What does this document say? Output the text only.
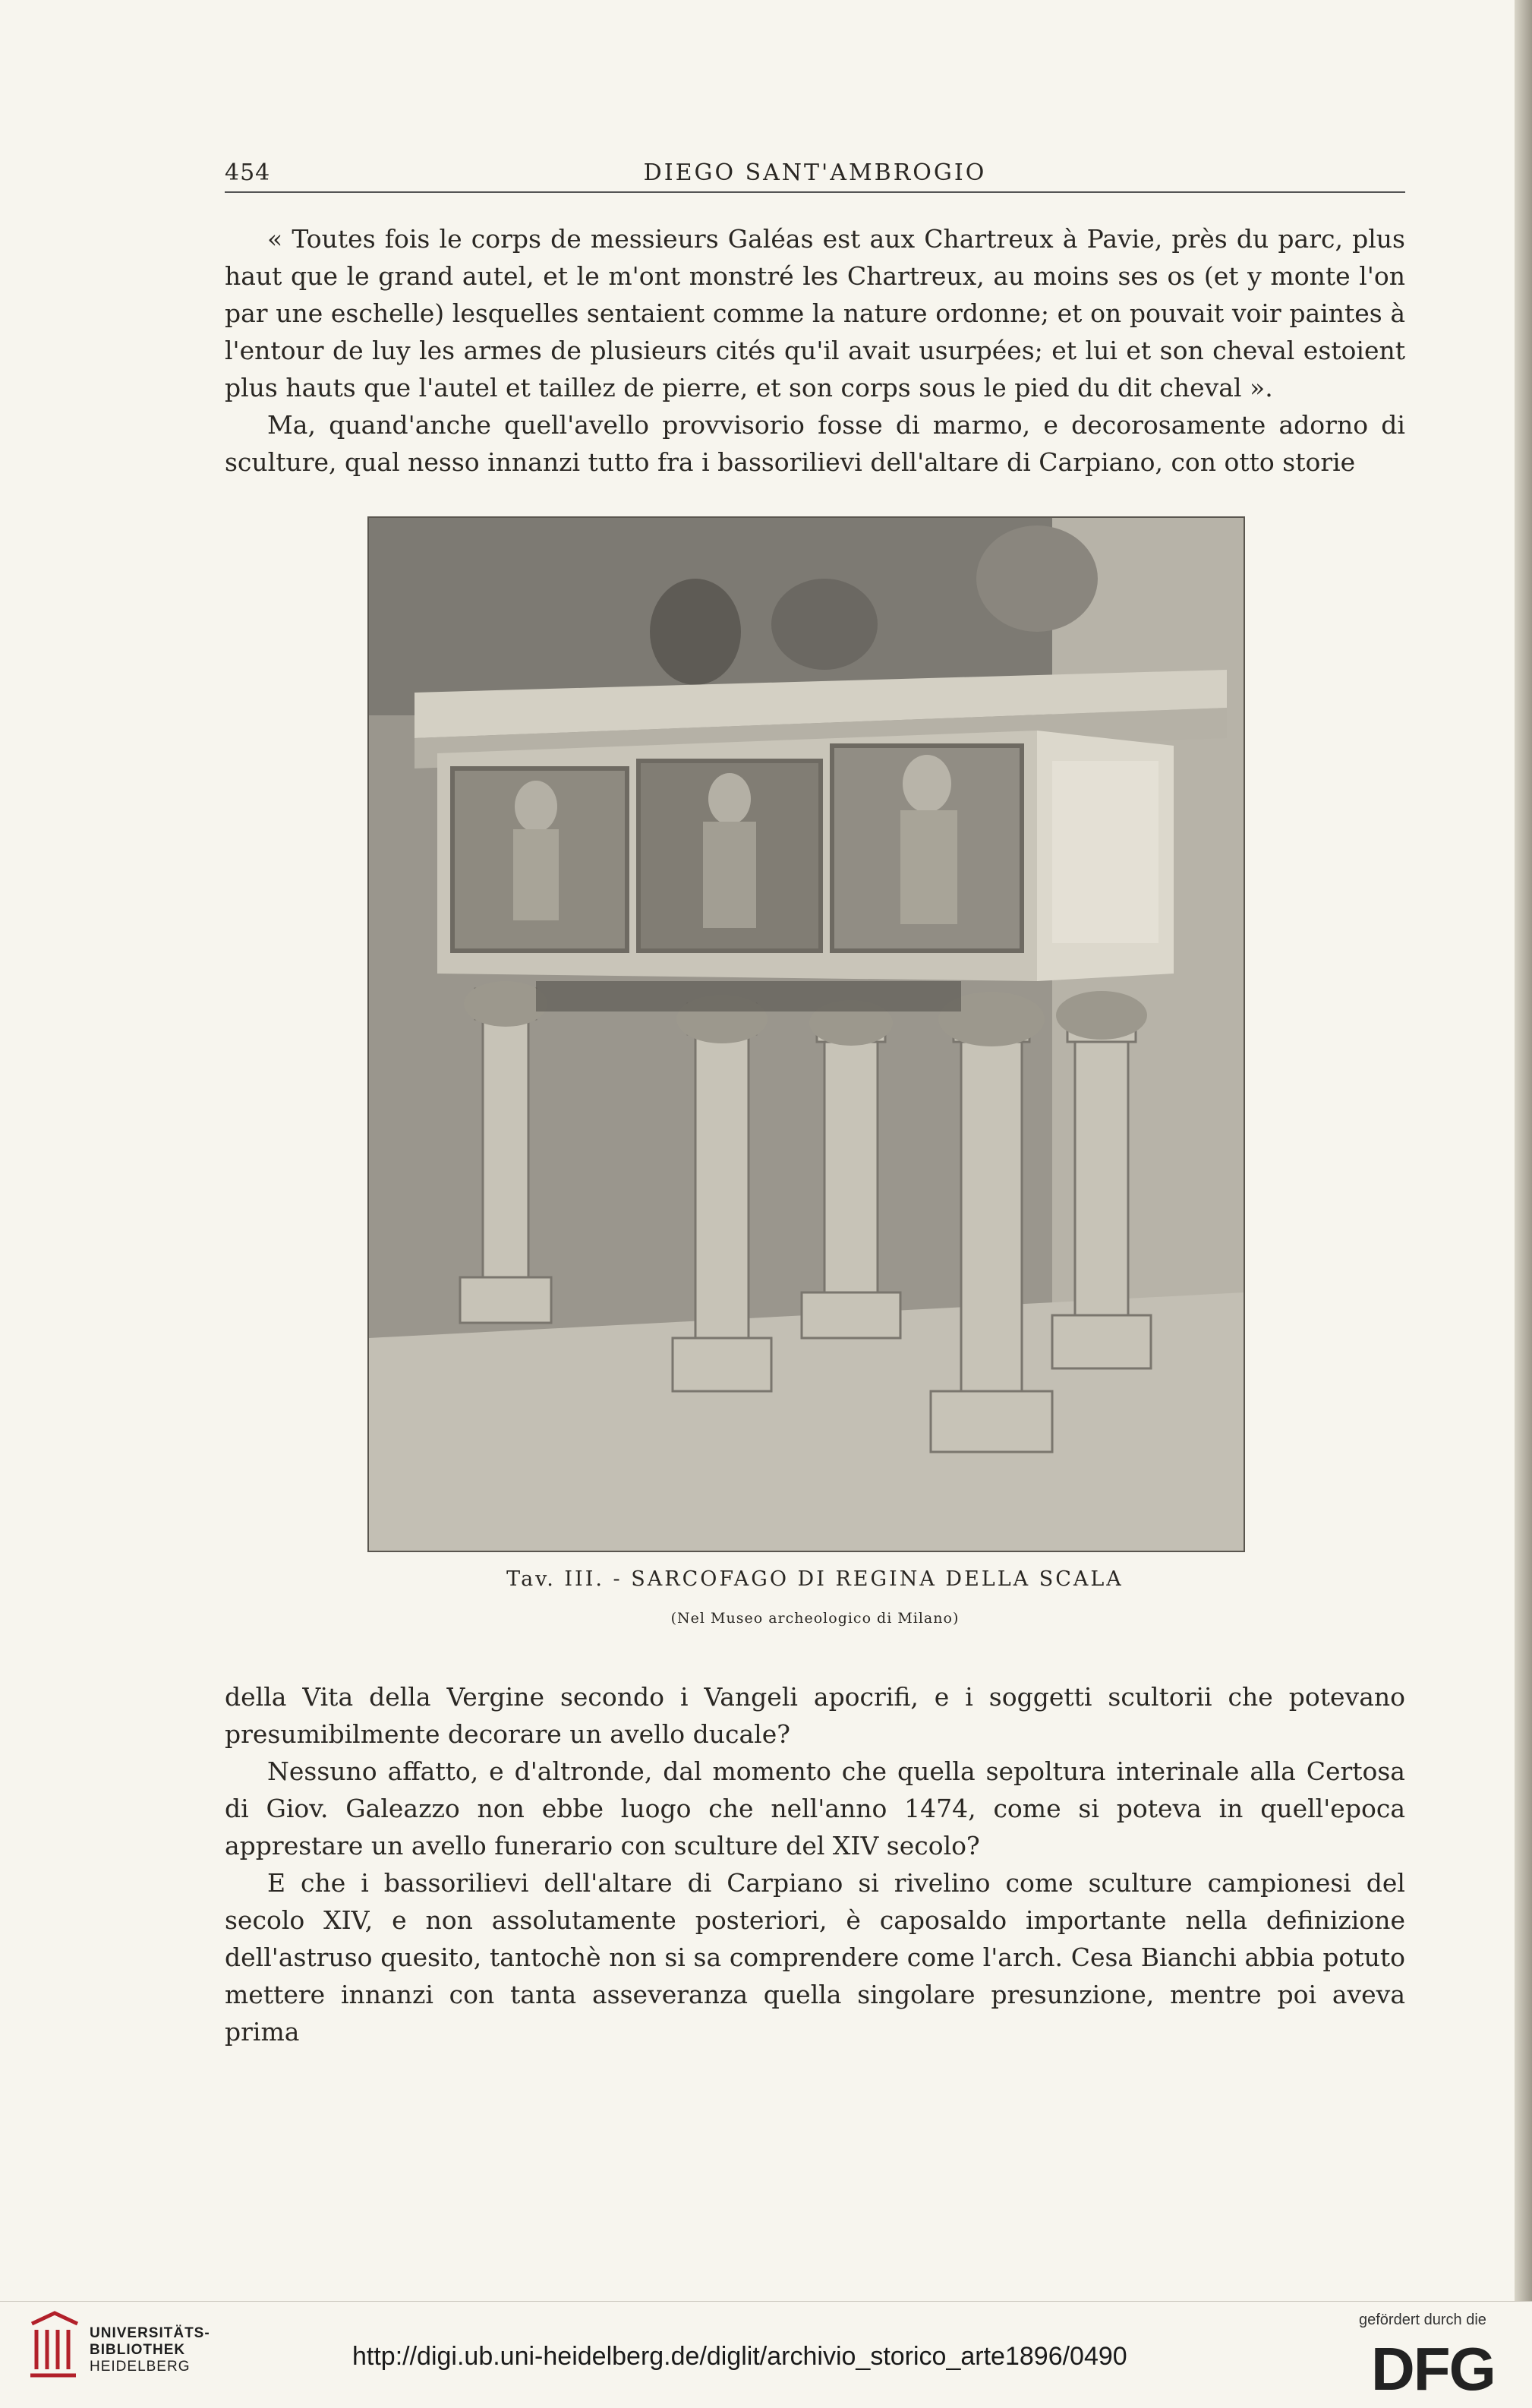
454	DIEGO SANT'AMBROGIO

« Toutes fois le corps de messieurs Galéas est aux Chartreux à Pavie, près du parc, plus haut que le grand autel, et le m'ont monstré les Chartreux, au moins ses os (et y monte l'on par une eschelle) lesquelles sentaient comme la nature ordonne; et on pouvait voir paintes à l'entour de luy les armes de plusieurs cités qu'il avait usurpées; et lui et son cheval estoient plus hauts que l'autel et taillez de pierre, et son corps sous le pied du dit cheval ».

Ma, quand'anche quell'avello provvisorio fosse di marmo, e decorosamente adorno di sculture, qual nesso innanzi tutto fra i bassorilievi dell'altare di Carpiano, con otto storie

Tav. III. - SARCOFAGO DI REGINA DELLA SCALA
(Nel Museo archeologico di Milano)

della Vita della Vergine secondo i Vangeli apocrifi, e i soggetti scultorii che potevano presumibilmente decorare un avello ducale?

Nessuno affatto, e d'altronde, dal momento che quella sepoltura interinale alla Certosa di Giov. Galeazzo non ebbe luogo che nell'anno 1474, come si poteva in quell'epoca apprestare un avello funerario con sculture del XIV secolo?

E che i bassorilievi dell'altare di Carpiano si rivelino come sculture campionesi del secolo XIV, e non assolutamente posteriori, è caposaldo importante nella definizione dell'astruso quesito, tantochè non si sa comprendere come l'arch. Cesa Bianchi abbia potuto mettere innanzi con tanta asseveranza quella singolare presunzione, mentre poi aveva prima

UNIVERSITÄTS-
BIBLIOTHEK
HEIDELBERG	http://digi.ub.uni-heidelberg.de/diglit/archivio_storico_arte1896/0490
gefördert durch die
DFG
